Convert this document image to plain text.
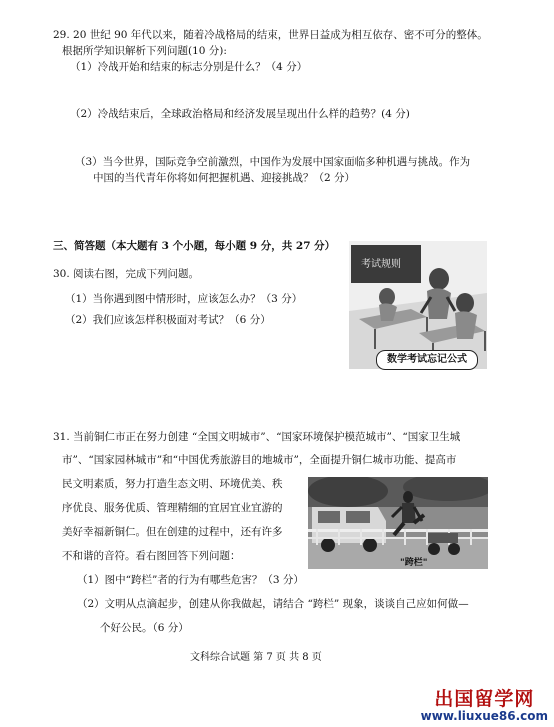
29. 20 世纪 90 年代以来，随着冷战格局的结束，世界日益成为相互依存、密不可分的整体。
根据所学知识解析下列问题(10 分):
（1）冷战开始和结束的标志分别是什么？（4 分）
（2）冷战结束后，全球政治格局和经济发展呈现出什么样的趋势？(4 分)
（3）当今世界，国际竞争空前激烈，中国作为发展中国家面临多种机遇与挑战。作为
中国的当代青年你将如何把握机遇、迎接挑战？（2 分）
三、简答题（本大题有 3 个小题，每小题 9 分，共 27 分）
30. 阅读右图，完成下列问题。
（1）当你遇到图中情形时，应该怎么办？（3 分）
（2）我们应该怎样积极面对考试？（6 分）
考试规则
数学考试忘记公式
31. 当前铜仁市正在努力创建 “全国文明城市”、“国家环境保护模范城市”、“国家卫生城
市”、“国家园林城市”和“中国优秀旅游目的地城市”，全面提升铜仁城市功能、提高市
民文明素质，努力打造生态文明、环境优美、秩
序优良、服务优质、管理精细的宜居宜业宜游的
美好幸福新铜仁。但在创建的过程中，还有许多
不和谐的音符。看右图回答下列问题：
（1）图中“跨栏”者的行为有哪些危害？（3 分）
（2）文明从点滴起步，创建从你我做起，请结合 “跨栏” 现象，谈谈自己应如何做—
个好公民。（6 分）
"跨栏"
文科综合试题 第 7 页 共 8 页
出国留学网
www.liuxue86.com
